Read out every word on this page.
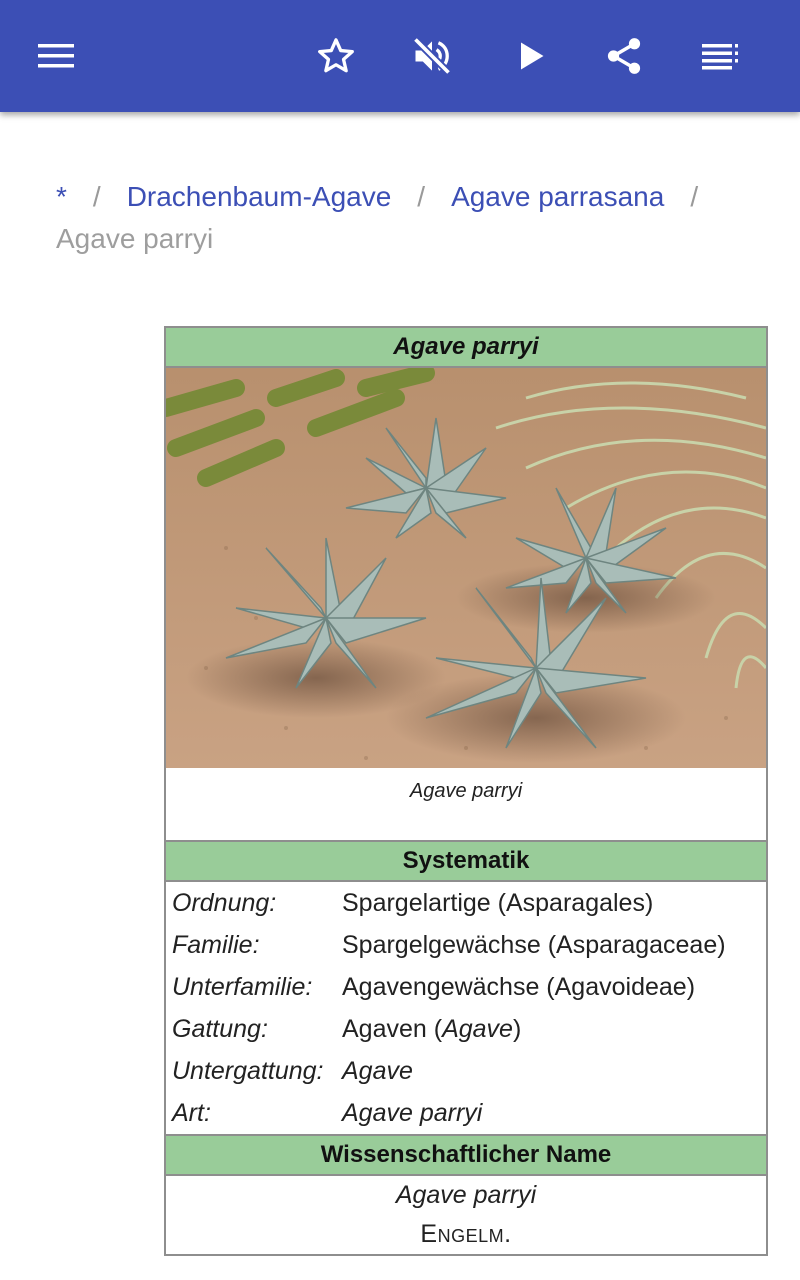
* / Drachenbaum-Agave / Agave parrasana /
Agave parryi
Agave parryi
Agave parryi
Systematik
Ordnung:	Spargelartige (Asparagales)
Familie:	Spargelgewächse (Asparagaceae)
Unterfamilie:	Agavengewächse (Agavoideae)
Gattung:	Agaven (Agave)
Untergattung: Agave
Art:	Agave parryi
Wissenschaftlicher Name
Agave parryi
Engelm.
